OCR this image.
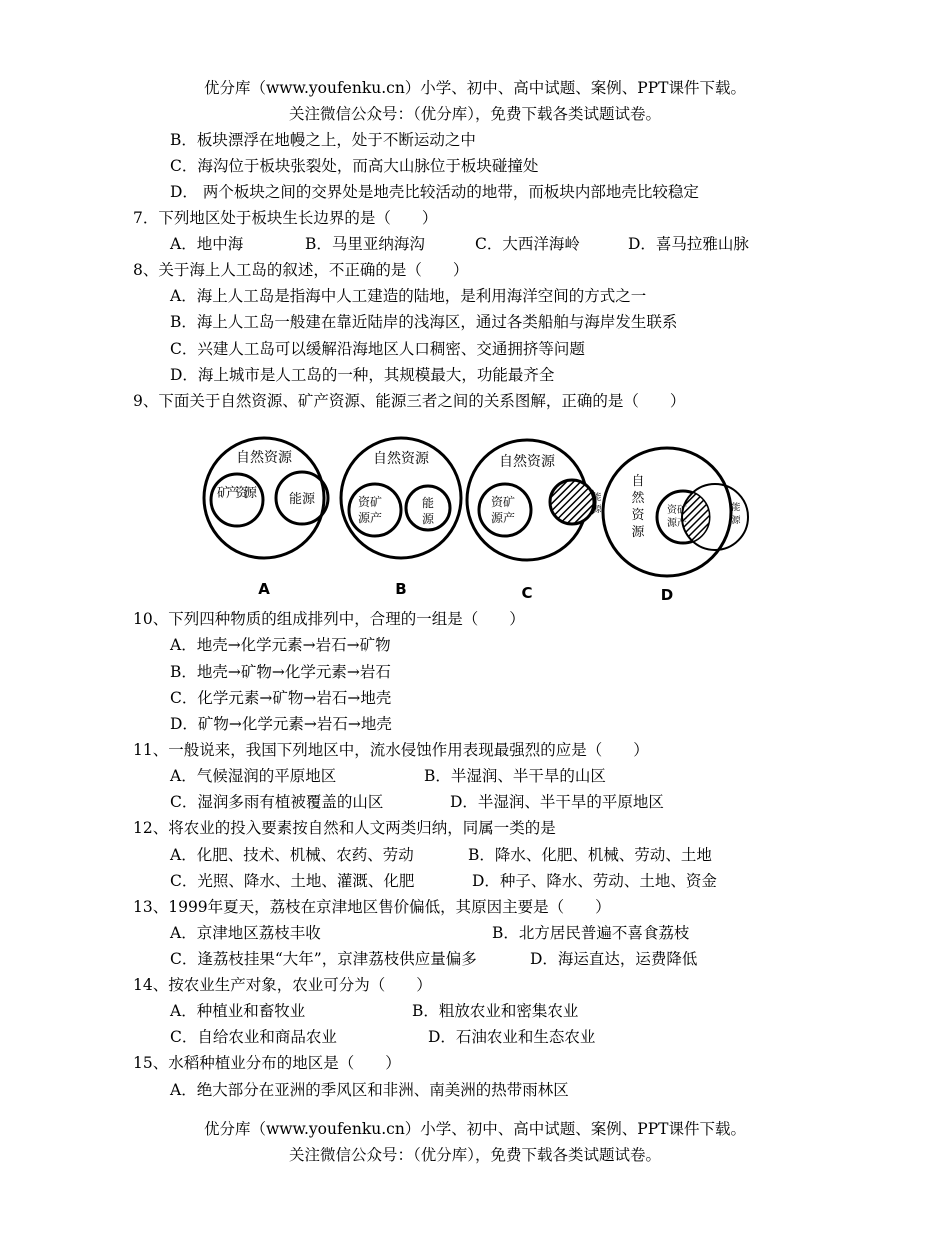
优分库（www.youfenku.cn）小学、初中、高中试题、案例、PPT课件下载。
关注微信公众号：（优分库），免费下载各类试题试卷。
B．板块漂浮在地幔之上，处于不断运动之中
C．海沟位于板块张裂处，而高大山脉位于板块碰撞处
D． 两个板块之间的交界处是地壳比较活动的地带，而板块内部地壳比较稳定
7．下列地区处于板块生长边界的是（　　）
A．地中海	B．马里亚纳海沟	C．大西洋海岭	D．喜马拉雅山脉
8、关于海上人工岛的叙述，不正确的是（　　）
A．海上人工岛是指海中人工建造的陆地，是利用海洋空间的方式之一
B．海上人工岛一般建在靠近陆岸的浅海区，通过各类船舶与海岸发生联系
C．兴建人工岛可以缓解沿海地区人口稠密、交通拥挤等问题
D．海上城市是人工岛的一种，其规模最大，功能最齐全
9、下面关于自然资源、矿产资源、能源三者之间的关系图解，正确的是（　　）
自然资源
矿产资源 能源
A
自然资源
资矿
源产
能
源
B
自然资源
资矿
源产
能
源
C
自
然
资
源
资矿
源产
能
源
D
10、下列四种物质的组成排列中，合理的一组是（　　）
A．地壳→化学元素→岩石→矿物
B．地壳→矿物→化学元素→岩石
C．化学元素→矿物→岩石→地壳
D．矿物→化学元素→岩石→地壳
11、一般说来，我国下列地区中，流水侵蚀作用表现最强烈的应是（　　）
A．气候湿润的平原地区	B．半湿润、半干旱的山区
C．湿润多雨有植被覆盖的山区	D．半湿润、半干旱的平原地区
12、将农业的投入要素按自然和人文两类归纳，同属一类的是
A．化肥、技术、机械、农药、劳动	B．降水、化肥、机械、劳动、土地
C．光照、降水、土地、灌溉、化肥	D．种子、降水、劳动、土地、资金
13、1999年夏天，荔枝在京津地区售价偏低，其原因主要是（　　）
A．京津地区荔枝丰收	B．北方居民普遍不喜食荔枝
C．逢荔枝挂果“大年”，京津荔枝供应量偏多	D．海运直达，运费降低
14、按农业生产对象，农业可分为（　　）
A．种植业和畜牧业	B．粗放农业和密集农业
C．自给农业和商品农业	D．石油农业和生态农业
15、水稻种植业分布的地区是（　　）
A．绝大部分在亚洲的季风区和非洲、南美洲的热带雨林区
优分库（www.youfenku.cn）小学、初中、高中试题、案例、PPT课件下载。
关注微信公众号：（优分库），免费下载各类试题试卷。
